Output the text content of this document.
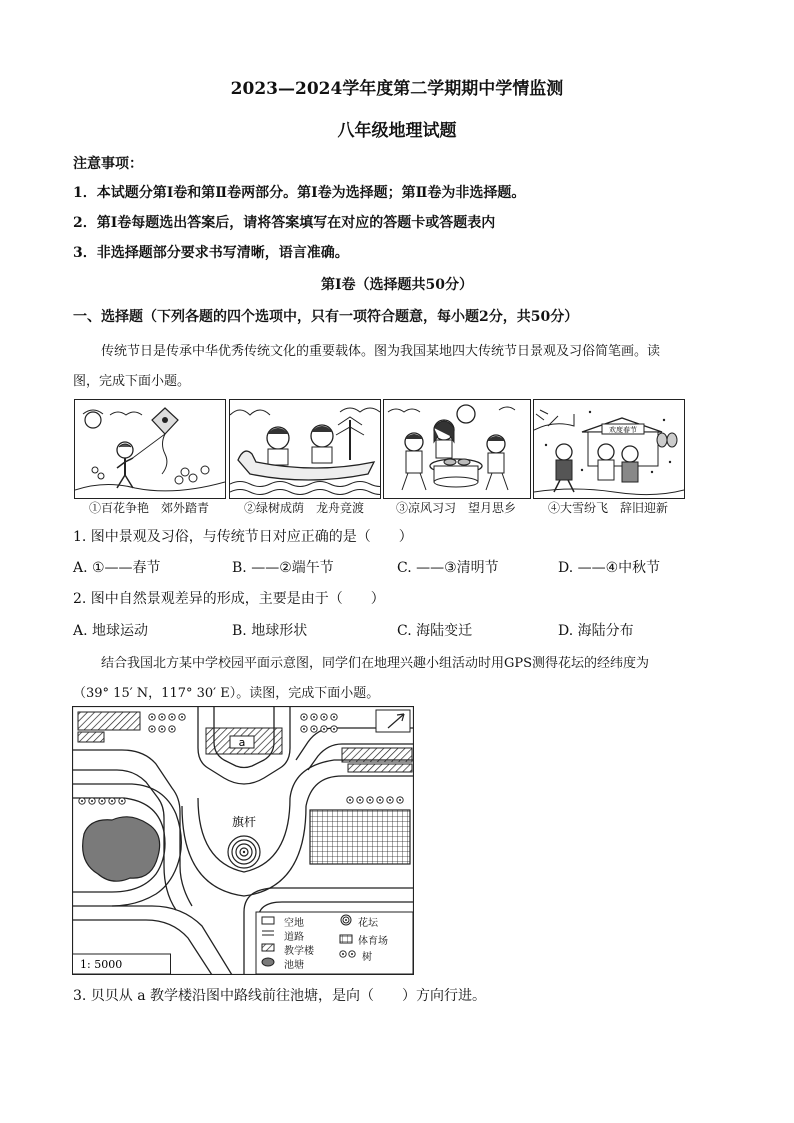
2023—2024学年度第二学期期中学情监测
八年级地理试题
注意事项：
1．本试题分第Ⅰ卷和第Ⅱ卷两部分。第Ⅰ卷为选择题；第Ⅱ卷为非选择题。
2．第Ⅰ卷每题选出答案后，请将答案填写在对应的答题卡或答题表内
3．非选择题部分要求书写清晰，语言准确。
第Ⅰ卷（选择题共50分）
一、选择题（下列各题的四个选项中，只有一项符合题意，每小题2分，共50分）
传统节日是传承中华优秀传统文化的重要载体。图为我国某地四大传统节日景观及习俗简笔画。读
图，完成下面小题。
欢度春节
①百花争艳　郊外踏青	②绿树成荫　龙舟竞渡	③凉风习习　望月思乡	④大雪纷飞　辞旧迎新
1. 图中景观及习俗，与传统节日对应正确的是（　　）
A. ①——春节	B. ——②端午节	C. ——③清明节	D. ——④中秋节
2. 图中自然景观差异的形成，主要是由于（　　）
A. 地球运动	B. 地球形状	C. 海陆变迁	D. 海陆分布
结合我国北方某中学校园平面示意图，同学们在地理兴趣小组活动时用GPS测得花坛的经纬度为
（39° 15′ N，117° 30′ E）。读图，完成下面小题。
a
旗杆
1: 5000
空地
道路
教学楼
池塘
花坛
体育场
树
3. 贝贝从 a 教学楼沿图中路线前往池塘，是向（　　）方向行进。
